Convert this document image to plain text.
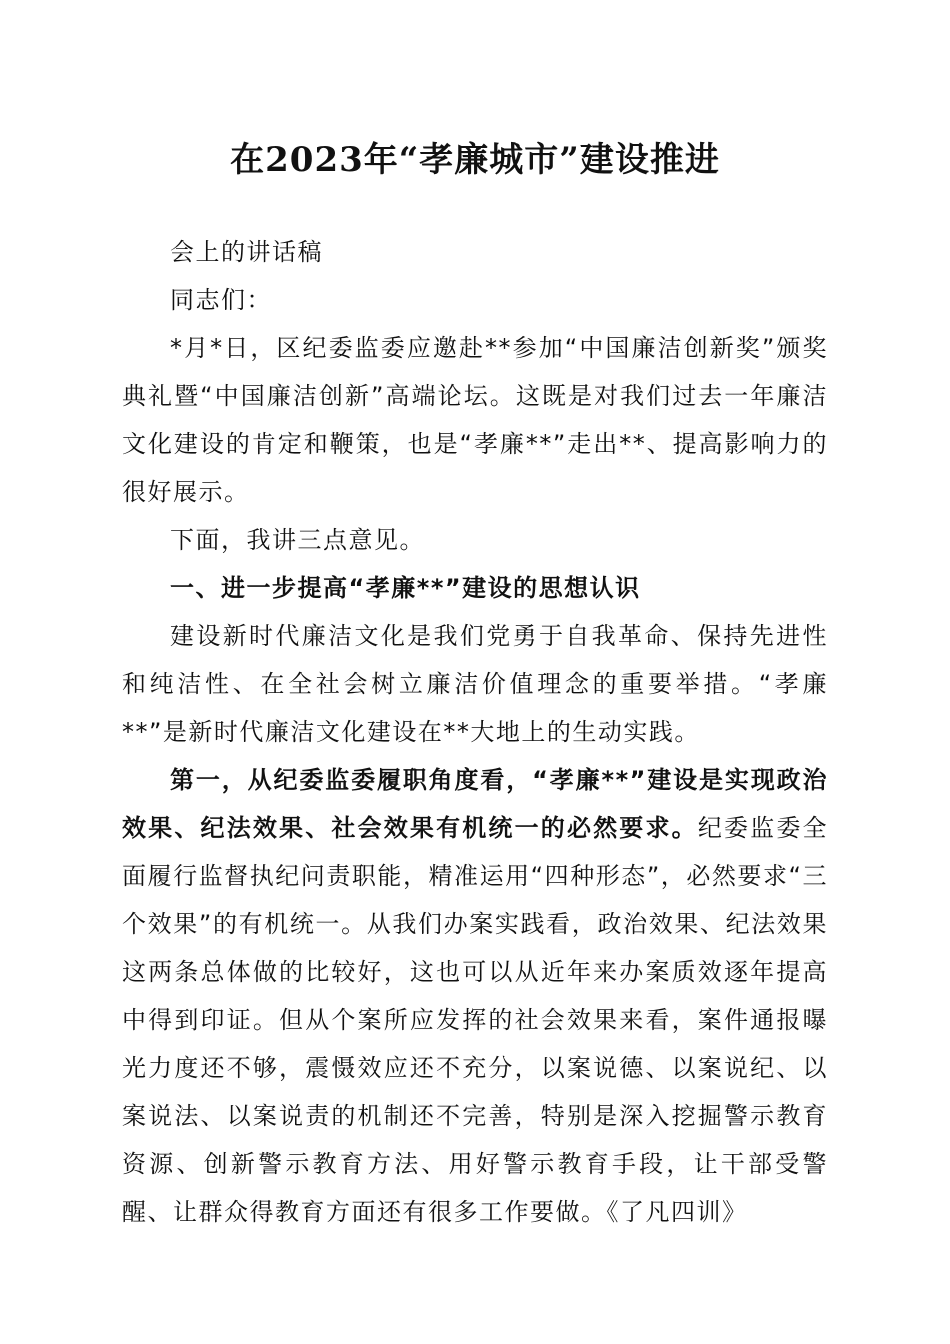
在2023年“孝廉城市”建设推进

会上的讲话稿

同志们：

*月*日，区纪委监委应邀赴**参加“中国廉洁创新奖”颁奖典礼暨“中国廉洁创新”高端论坛。这既是对我们过去一年廉洁文化建设的肯定和鞭策，也是“孝廉**”走出**、提高影响力的很好展示。

下面，我讲三点意见。

一、进一步提高“孝廉**”建设的思想认识

建设新时代廉洁文化是我们党勇于自我革命、保持先进性和纯洁性、在全社会树立廉洁价值理念的重要举措。“孝廉**”是新时代廉洁文化建设在**大地上的生动实践。

第一，从纪委监委履职角度看，“孝廉**”建设是实现政治效果、纪法效果、社会效果有机统一的必然要求。纪委监委全面履行监督执纪问责职能，精准运用“四种形态”，必然要求“三个效果”的有机统一。从我们办案实践看，政治效果、纪法效果这两条总体做的比较好，这也可以从近年来办案质效逐年提高中得到印证。但从个案所应发挥的社会效果来看，案件通报曝光力度还不够，震慑效应还不充分，以案说德、以案说纪、以案说法、以案说责的机制还不完善，特别是深入挖掘警示教育资源、创新警示教育方法、用好警示教育手段，让干部受警醒、让群众得教育方面还有很多工作要做。《了凡四训》
